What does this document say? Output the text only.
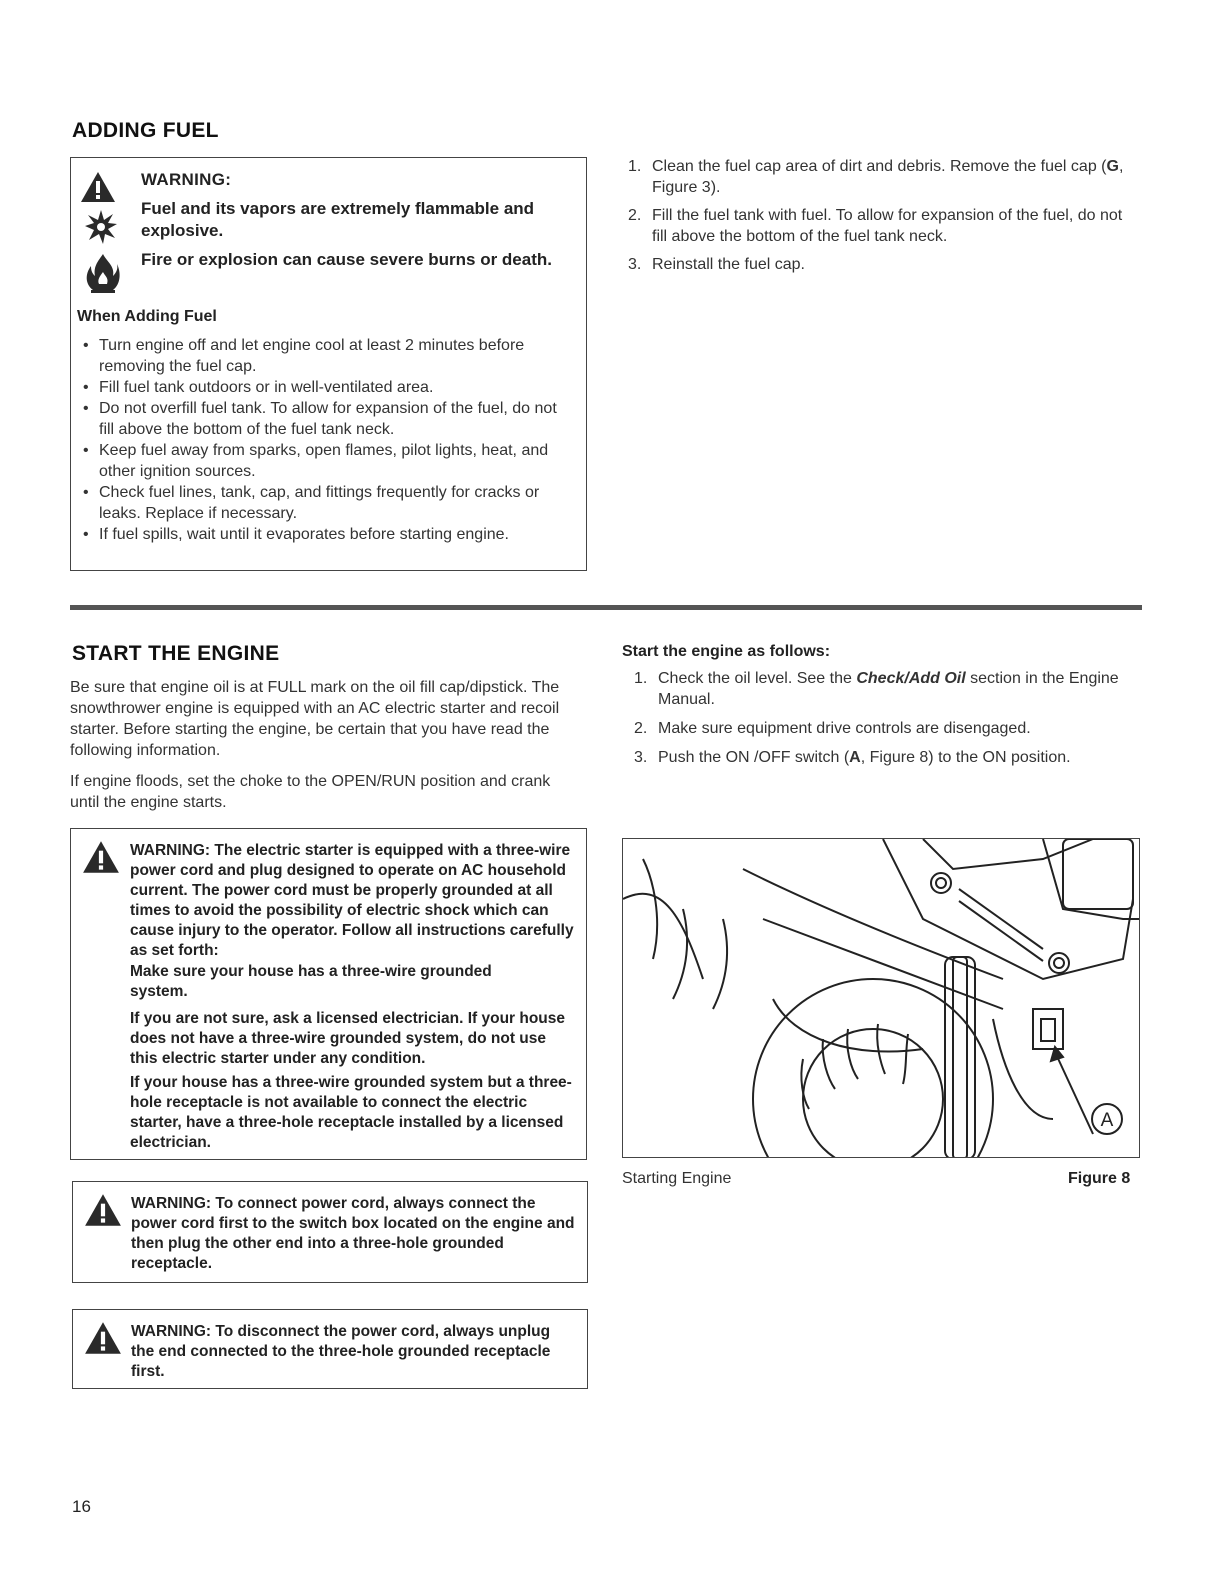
ADDING FUEL
WARNING:
Fuel and its vapors are extremely flammable and explosive.
Fire or explosion can cause severe burns or death.
When Adding Fuel
• Turn engine off and let engine cool at least 2 minutes before removing the fuel cap.
• Fill fuel tank outdoors or in well-ventilated area.
• Do not overfill fuel tank. To allow for expansion of the fuel, do not fill above the bottom of the fuel tank neck.
• Keep fuel away from sparks, open flames, pilot lights, heat, and other ignition sources.
• Check fuel lines, tank, cap, and fittings frequently for cracks or leaks. Replace if necessary.
• If fuel spills, wait until it evaporates before starting engine.
1. Clean the fuel cap area of dirt and debris. Remove the fuel cap (G, Figure 3).
2. Fill the fuel tank with fuel. To allow for expansion of the fuel, do not fill above the bottom of the fuel tank neck.
3. Reinstall the fuel cap.
START THE ENGINE
Be sure that engine oil is at FULL mark on the oil fill cap/dipstick. The snowthrower engine is equipped with an AC electric starter and recoil starter. Before starting the engine, be certain that you have read the following information.
If engine floods, set the choke to the OPEN/RUN position and crank until the engine starts.
WARNING: The electric starter is equipped with a three-wire power cord and plug designed to operate on AC household current. The power cord must be properly grounded at all times to avoid the possibility of electric shock which can cause injury to the operator. Follow all instructions carefully as set forth:
Make sure your house has a three-wire grounded system.
If you are not sure, ask a licensed electrician. If your house does not have a three-wire grounded system, do not use this electric starter under any condition.
If your house has a three-wire grounded system but a three-hole receptacle is not available to connect the electric starter, have a three-hole receptacle installed by a licensed electrician.
WARNING: To connect power cord, always connect the power cord first to the switch box located on the engine and then plug the other end into a three-hole grounded receptacle.
WARNING: To disconnect the power cord, always unplug the end connected to the three-hole grounded receptacle first.
Start the engine as follows:
1. Check the oil level. See the Check/Add Oil section in the Engine Manual.
2. Make sure equipment drive controls are disengaged.
3. Push the ON /OFF switch (A, Figure 8) to the ON position.
A
Starting Engine	Figure 8
16
